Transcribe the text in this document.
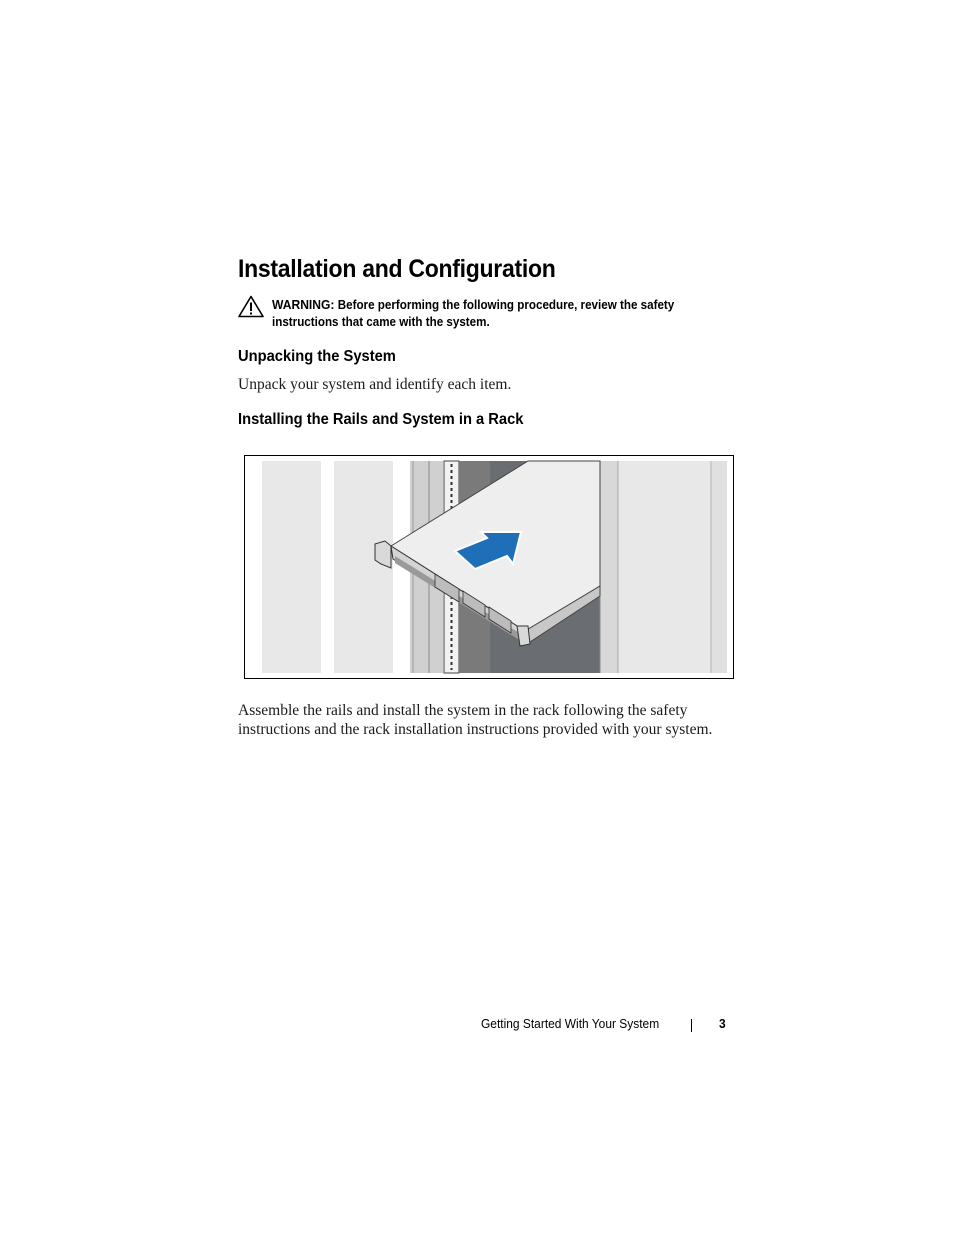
Installation and Configuration
WARNING: Before performing the following procedure, review the safety instructions that came with the system.
Unpacking the System
Unpack your system and identify each item.
Installing the Rails and System in a Rack
Assemble the rails and install the system in the rack following the safety instructions and the rack installation instructions provided with your system.
Getting Started With Your System	3
